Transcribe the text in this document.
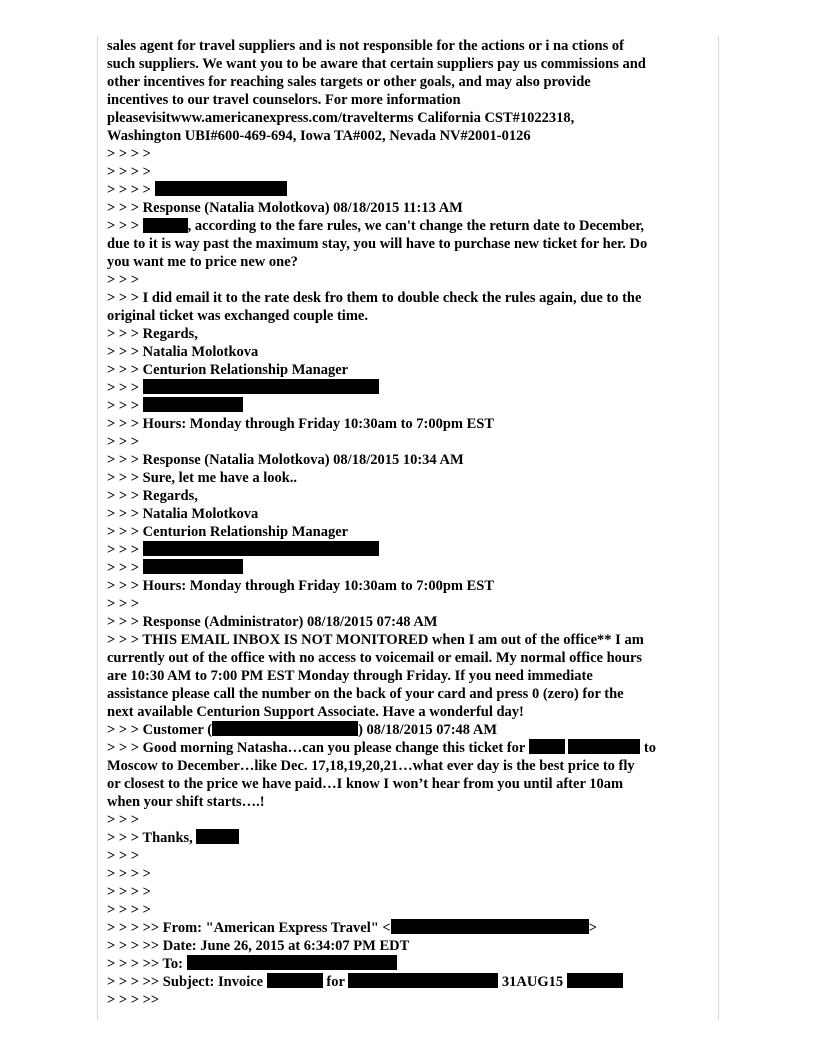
sales agent for travel suppliers and is not responsible for the actions or i na ctions of
such suppliers. We want you to be aware that certain suppliers pay us commissions and
other incentives for reaching sales targets or other goals, and may also provide
incentives to our travel counselors. For more information
pleasevisitwww.americanexpress.com/travelterms California CST#1022318,
Washington UBI#600-469-694, Iowa TA#002, Nevada NV#2001-0126
> > > >
> > > >
> > > >
> > > Response (Natalia Molotkova) 08/18/2015 11:13 AM
> > >	, according to the fare rules, we can't change the return date to December,
due to it is way past the maximum stay, you will have to purchase new ticket for her. Do
you want me to price new one?
> > >
> > > I did email it to the rate desk fro them to double check the rules again, due to the
original ticket was exchanged couple time.
> > > Regards,
> > > Natalia Molotkova
> > > Centurion Relationship Manager
> > >
> > >
> > > Hours: Monday through Friday 10:30am to 7:00pm EST
> > >
> > > Response (Natalia Molotkova) 08/18/2015 10:34 AM
> > > Sure, let me have a look..
> > > Regards,
> > > Natalia Molotkova
> > > Centurion Relationship Manager
> > >
> > >
> > > Hours: Monday through Friday 10:30am to 7:00pm EST
> > >
> > > Response (Administrator) 08/18/2015 07:48 AM
> > > THIS EMAIL INBOX IS NOT MONITORED when I am out of the office** I am
currently out of the office with no access to voicemail or email. My normal office hours
are 10:30 AM to 7:00 PM EST Monday through Friday. If you need immediate
assistance please call the number on the back of your card and press 0 (zero) for the
next available Centurion Support Associate. Have a wonderful day!
> > > Customer (	) 08/18/2015 07:48 AM
> > > Good morning Natasha…can you please change this ticket for	to
Moscow to December…like Dec. 17,18,19,20,21…what ever day is the best price to fly
or closest to the price we have paid…I know I won’t hear from you until after 10am
when your shift starts….!
> > >
> > > Thanks,
> > >
> > > >
> > > >
> > > >
> > > >> From: "American Express Travel" <	>
> > > >> Date: June 26, 2015 at 6:34:07 PM EDT
> > > >> To:
> > > >> Subject: Invoice	for	31AUG15
> > > >>
